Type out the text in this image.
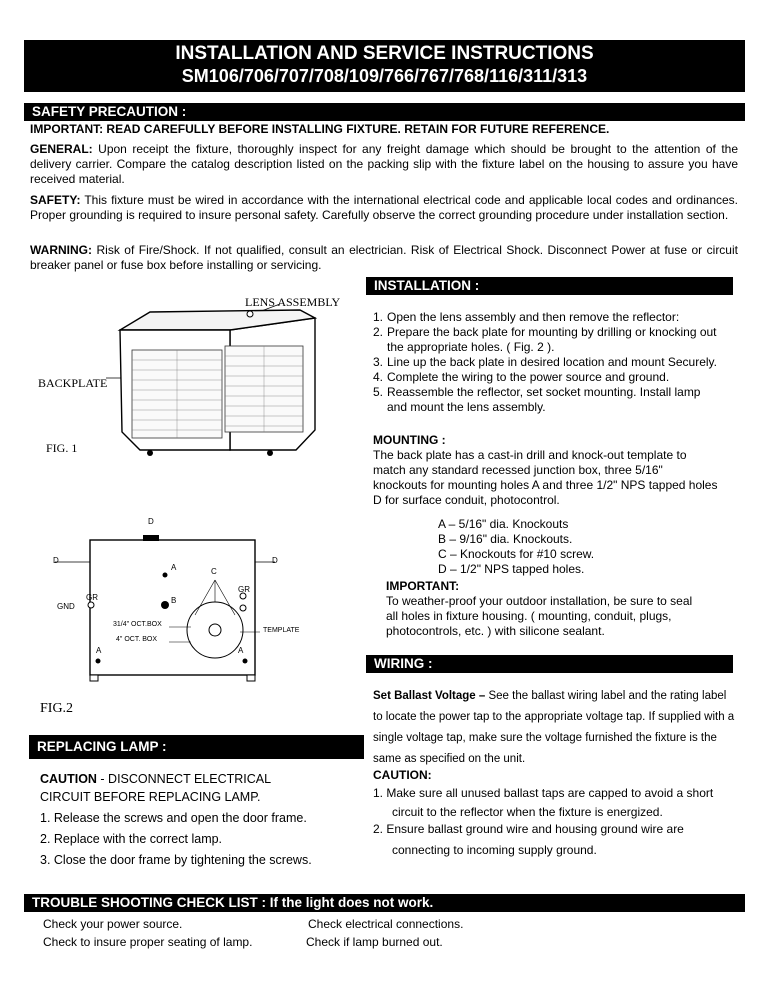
INSTALLATION AND SERVICE INSTRUCTIONS
SM106/706/707/708/109/766/767/768/116/311/313
SAFETY PRECAUTION :
IMPORTANT: READ CAREFULLY BEFORE INSTALLING FIXTURE. RETAIN FOR FUTURE REFERENCE.
GENERAL: Upon receipt the fixture, thoroughly inspect for any freight damage which should be brought to the attention of the delivery carrier. Compare the catalog description listed on the packing slip with the fixture label on the housing to assure you have received material.
SAFETY: This fixture must be wired in accordance with the international electrical code and applicable local codes and ordinances. Proper grounding is required to insure personal safety. Carefully observe the correct grounding procedure under installation section.
WARNING: Risk of Fire/Shock. If not qualified, consult an electrician. Risk of Electrical Shock. Disconnect Power at fuse or circuit breaker panel or fuse box before installing or servicing.
LENS ASSEMBLY
BACKPLATE
FIG. 1
D
D	D
A	C
GR
GR
B
GND
31/4" OCT.BOX
4" OCT. BOX
TEMPLATE
A	A
FIG.2
INSTALLATION :
1. Open the lens assembly and then remove the reflector:
2. Prepare the back plate for mounting by drilling or knocking out the appropriate holes. ( Fig. 2 ).
3. Line up the back plate in desired location and mount Securely.
4. Complete the wiring to the power source and ground.
5. Reassemble the reflector, set socket mounting. Install lamp and mount the lens assembly.
MOUNTING :
The back plate has a cast-in drill and knock-out template to match any standard recessed junction box, three 5/16" knockouts for mounting holes A and three 1/2" NPS tapped holes D for surface conduit, photocontrol.
A – 5/16" dia. Knockouts
B – 9/16" dia. Knockouts.
C – Knockouts for #10 screw.
D – 1/2" NPS tapped holes.
IMPORTANT:
To weather-proof your outdoor installation, be sure to seal all holes in fixture housing. ( mounting, conduit, plugs, photocontrols, etc. ) with silicone sealant.
WIRING :
Set Ballast Voltage – See the ballast wiring label and the rating label to locate the power tap to the appropriate voltage tap. If supplied with a single voltage tap, make sure the voltage furnished the fixture is the same as specified on the unit.
CAUTION:
1. Make sure all unused ballast taps are capped to avoid a short
circuit to the reflector when the fixture is energized.
2. Ensure ballast ground wire and housing ground wire are
connecting to incoming supply ground.
REPLACING LAMP :
CAUTION - DISCONNECT ELECTRICAL
CIRCUIT BEFORE REPLACING LAMP.
1. Release the screws and open the door frame.
2. Replace with the correct lamp.
3. Close the door frame by tightening the screws.
TROUBLE SHOOTING CHECK LIST : If the light does not work.
Check your power source.	Check electrical connections.
Check to insure proper seating of lamp.	Check if lamp burned out.
